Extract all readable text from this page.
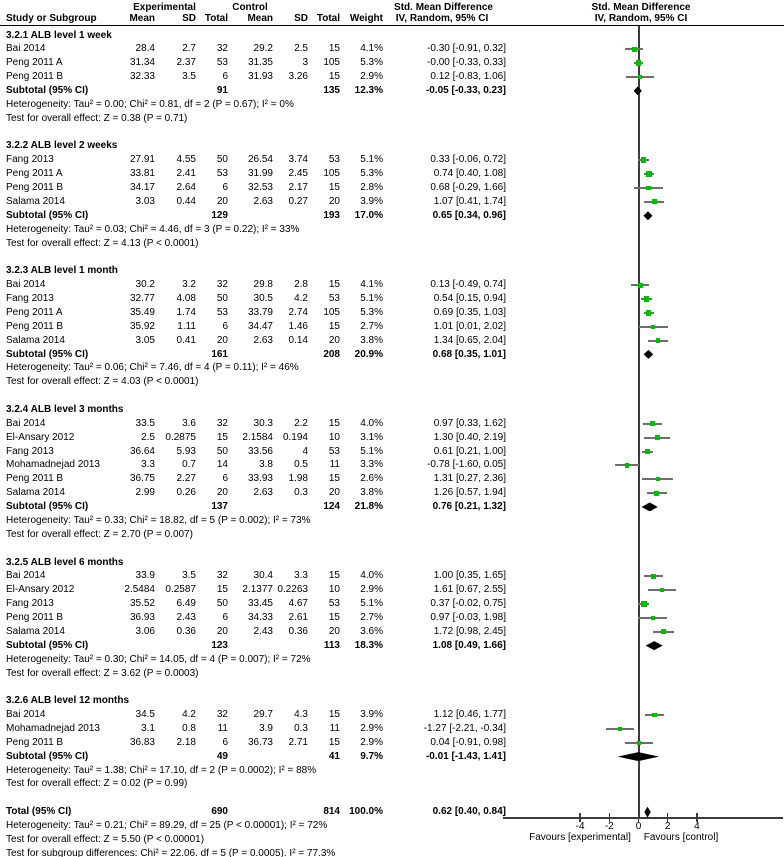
Experimental	Control	Std. Mean Difference	Std. Mean Difference
Study or Subgroup	Mean	SD Total	Mean	SD Total Weight	IV, Random, 95% CI	IV, Random, 95% CI
3.2.1 ALB level 1 week
Bai 2014	28.4	2.7	32	29.2	2.5	15	4.1%	-0.30 [-0.91, 0.32]
Peng 2011 A	31.34	2.37	53	31.35	3	105	5.3%	-0.00 [-0.33, 0.33]
Peng 2011 B	32.33	3.5	6	31.93	3.26	15	2.9%	0.12 [-0.83, 1.06]
Subtotal (95% CI)	91	135	12.3%	-0.05 [-0.33, 0.23]
Heterogeneity: Tau² = 0.00; Chi² = 0.81, df = 2 (P = 0.67); I² = 0%
Test for overall effect: Z = 0.38 (P = 0.71)
3.2.2 ALB level 2 weeks
Fang 2013	27.91	4.55	50	26.54	3.74	53	5.1%	0.33 [-0.06, 0.72]
Peng 2011 A	33.81	2.41	53	31.99	2.45	105	5.3%	0.74 [0.40, 1.08]
Peng 2011 B	34.17	2.64	6	32.53	2.17	15	2.8%	0.68 [-0.29, 1.66]
Salama 2014	3.03	0.44	20	2.63	0.27	20	3.9%	1.07 [0.41, 1.74]
Subtotal (95% CI)	129	193	17.0%	0.65 [0.34, 0.96]
Heterogeneity: Tau² = 0.03; Chi² = 4.46, df = 3 (P = 0.22); I² = 33%
Test for overall effect: Z = 4.13 (P < 0.0001)
3.2.3 ALB level 1 month
Bai 2014	30.2	3.2	32	29.8	2.8	15	4.1%	0.13 [-0.49, 0.74]
Fang 2013	32.77	4.08	50	30.5	4.2	53	5.1%	0.54 [0.15, 0.94]
Peng 2011 A	35.49	1.74	53	33.79	2.74	105	5.3%	0.69 [0.35, 1.03]
Peng 2011 B	35.92	1.11	6	34.47	1.46	15	2.7%	1.01 [0.01, 2.02]
Salama 2014	3.05	0.41	20	2.63	0.14	20	3.8%	1.34 [0.65, 2.04]
Subtotal (95% CI)	161	208	20.9%	0.68 [0.35, 1.01]
Heterogeneity: Tau² = 0.06; Chi² = 7.46, df = 4 (P = 0.11); I² = 46%
Test for overall effect: Z = 4.03 (P < 0.0001)
3.2.4 ALB level 3 months
Bai 2014	33.5	3.6	32	30.3	2.2	15	4.0%	0.97 [0.33, 1.62]
El-Ansary 2012	2.5	0.2875	15	2.1584 0.194	10	3.1%	1.30 [0.40, 2.19]
Fang 2013	36.64	5.93	50	33.56	4	53	5.1%	0.61 [0.21, 1.00]
Mohamadnejad 2013	3.3	0.7	14	3.8	0.5	11	3.3%	-0.78 [-1.60, 0.05]
Peng 2011 B	36.75	2.27	6	33.93	1.98	15	2.6%	1.31 [0.27, 2.36]
Salama 2014	2.99	0.26	20	2.63	0.3	20	3.8%	1.26 [0.57, 1.94]
Subtotal (95% CI)	137	124	21.8%	0.76 [0.21, 1.32]
Heterogeneity: Tau² = 0.33; Chi² = 18.82, df = 5 (P = 0.002); I² = 73%
Test for overall effect: Z = 2.70 (P = 0.007)
3.2.5 ALB level 6 months
Bai 2014	33.9	3.5	32	30.4	3.3	15	4.0%	1.00 [0.35, 1.65]
El-Ansary 2012	2.5484	0.2587	15	2.1377 0.2263	10	2.9%	1.61 [0.67, 2.55]
Fang 2013	35.52	6.49	50	33.45	4.67	53	5.1%	0.37 [-0.02, 0.75]
Peng 2011 B	36.93	2.43	6	34.33	2.61	15	2.7%	0.97 [-0.03, 1.98]
Salama 2014	3.06	0.36	20	2.43	0.36	20	3.6%	1.72 [0.98, 2.45]
Subtotal (95% CI)	123	113	18.3%	1.08 [0.49, 1.66]
Heterogeneity: Tau² = 0.30; Chi² = 14.05, df = 4 (P = 0.007); I² = 72%
Test for overall effect: Z = 3.62 (P = 0.0003)
3.2.6 ALB level 12 months
Bai 2014	34.5	4.2	32	29.7	4.3	15	3.9%	1.12 [0.46, 1.77]
Mohamadnejad 2013	3.1	0.8	11	3.9	0.3	11	2.9%	-1.27 [-2.21, -0.34]
Peng 2011 B	36.83	2.18	6	36.73	2.71	15	2.9%	0.04 [-0.91, 0.98]
Subtotal (95% CI)	49	41	9.7%	-0.01 [-1.43, 1.41]
Heterogeneity: Tau² = 1.38; Chi² = 17.10, df = 2 (P = 0.0002); I² = 88%
Test for overall effect: Z = 0.02 (P = 0.99)
Total (95% CI)	690	814 100.0%	0.62 [0.40, 0.84]
Heterogeneity: Tau² = 0.21; Chi² = 89.29, df = 25 (P < 0.00001); I² = 72%
Test for overall effect: Z = 5.50 (P < 0.00001)
Test for subgroup differences: Chi² = 22.06. df = 5 (P = 0.0005). I² = 77.3%
-4	-2	0	2	4
Favours [experimental]	Favours [control]
